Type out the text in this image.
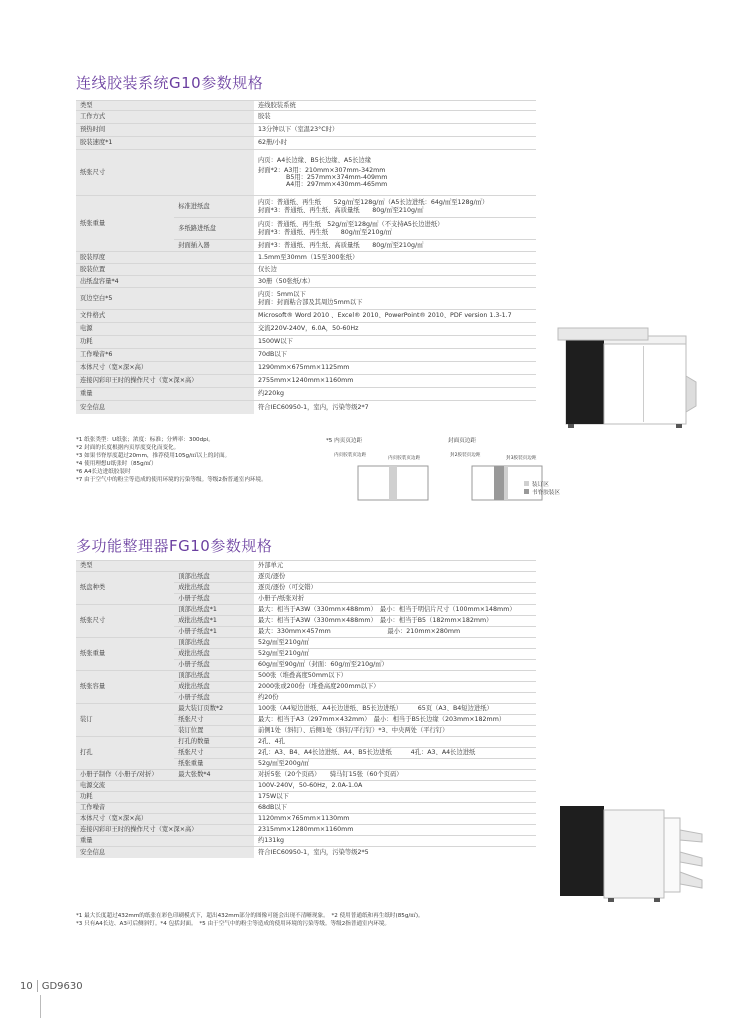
连线胶装系统G10参数规格
类型		连线胶装系统
工作方式		胶装
预热时间		13分钟以下（室温23°C时）
胶装速度*1		62册/小时
纸张尺寸		内页：A4长边缘、B5长边缘、A5长边缘
封面*2：A3用：210mm×307mm-342mm
B5用：257mm×374mm-409mm
A4用：297mm×430mm-465mm

纸张重量	标准进纸盘	内页：普通纸、再生纸　　52g/㎡至128g/㎡（A5长边进纸：64g/㎡至128g/㎡）
封面*3：普通纸、再生纸、高质量纸　　80g/㎡至210g/㎡

	多纸路进纸盘	内页：普通纸、再生纸　52g/㎡至128g/㎡（不支持A5长边进纸）
封面*3：普通纸、再生纸　　80g/㎡至210g/㎡

	封面插入器	封面*3：普通纸、再生纸、高质量纸　　80g/㎡至210g/㎡
胶装厚度		1.5mm至30mm（15至300张纸）
胶装位置		仅长边
出纸盘容量*4		30册（50张纸/本）
页边空白*5		内页：5mm以下
封面：封面粘合部及其周边5mm以下

文件格式		Microsoft® Word 2010 、Excel® 2010、PowerPoint® 2010、PDF version 1.3-1.7
电源		交流220V-240V，6.0A，50-60Hz
功耗		1500W以下
工作噪音*6		70dB以下
本体尺寸（宽×深×高）		1290mm×675mm×1125mm
连接闪彩印王时的操作尺寸（宽×深×高）		2755mm×1240mm×1160mm
重量		约220kg
安全信息		符合IEC60950-1，室内，污染等级2*7
*1 纸张类型：U纸张；浓度：标准；分辨率：300dpi。
*2 封面的长度根据内页厚度变化而变化。
*3 如果书脊厚度超过20mm，推荐使用105g/㎡以上的封面。
*4 使用理想U纸张时（85g/㎡）
*6 A4长边进纸胶装时
*7 由于空气中的粉尘等造成的使用环境的污染等级。等级2指普通室内环境。
*5 内页页边距	封面页边距
内页胶装页边距
内页胶装页边距
封2胶装页边距
封3胶装页边距
装订区
书脊胶装区
多功能整理器FG10参数规格
类型		外部单元
纸盘种类	顶部出纸盘	逐页/逐份
	成批出纸盘	逐页/逐份（可交错）
	小册子纸盘	小册子/纸张对折
纸张尺寸	顶部出纸盘*1	最大：相当于A3W（330mm×488mm）　最小：相当于明信片尺寸（100mm×148mm）
	成批出纸盘*1	最大：相当于A3W（330mm×488mm）　最小：相当于B5（182mm×182mm）
	小册子纸盘*1	最大：330mm×457mm　　　　　　　　　最小：210mm×280mm
纸张重量	顶部出纸盘	52g/㎡至210g/㎡
	成批出纸盘	52g/㎡至210g/㎡
	小册子纸盘	60g/㎡至90g/㎡（封面：60g/㎡至210g/㎡）
纸张容量	顶部出纸盘	500张（堆叠高度50mm以下）
	成批出纸盘	2000张或200份（堆叠高度200mm以下）
	小册子纸盘	约20份
装订	最大装订页数*2	100张（A4短边进纸、A4长边进纸、B5长边进纸）　　　65页（A3、B4短边进纸）
	纸张尺寸	最大：相当于A3（297mm×432mm）　最小：相当于B5长边缘（203mm×182mm）
	装订位置	前侧1处（斜钉）、后侧1处（斜钉/平行钉）*3、中央两处（平行钉）
打孔	打孔的数量	2孔、4孔
	纸张尺寸	2孔：A3、B4、A4长边进纸、A4、B5长边进纸　　　4孔：A3、A4长边进纸
	纸张重量	52g/㎡至200g/㎡
小册子制作（小册子/对折）	最大张数*4	对折5张（20个页码）　　骑马钉15张（60个页码）
电源交流		100V-240V，50-60Hz，2.0A-1.0A
功耗		175W以下
工作噪音		68dB以下
本体尺寸（宽×深×高）		1120mm×765mm×1130mm
连接闪彩印王时的操作尺寸（宽×深×高）		2315mm×1280mm×1160mm
重量		约131kg
安全信息		符合IEC60950-1，室内，污染等级2*5
*1 最大长度超过432mm的纸张在彩色印刷模式下，超出432mm部分的图像可能会出现不清晰现象。　*2 使用普通纸和再生纸时(85g/㎡)。
*3 只有A4长边、A3可后侧斜钉。*4 包括封面。　*5 由于空气中的粉尘等造成的使用环境的污染等级。等级2指普通室内环境。
10 GD9630
